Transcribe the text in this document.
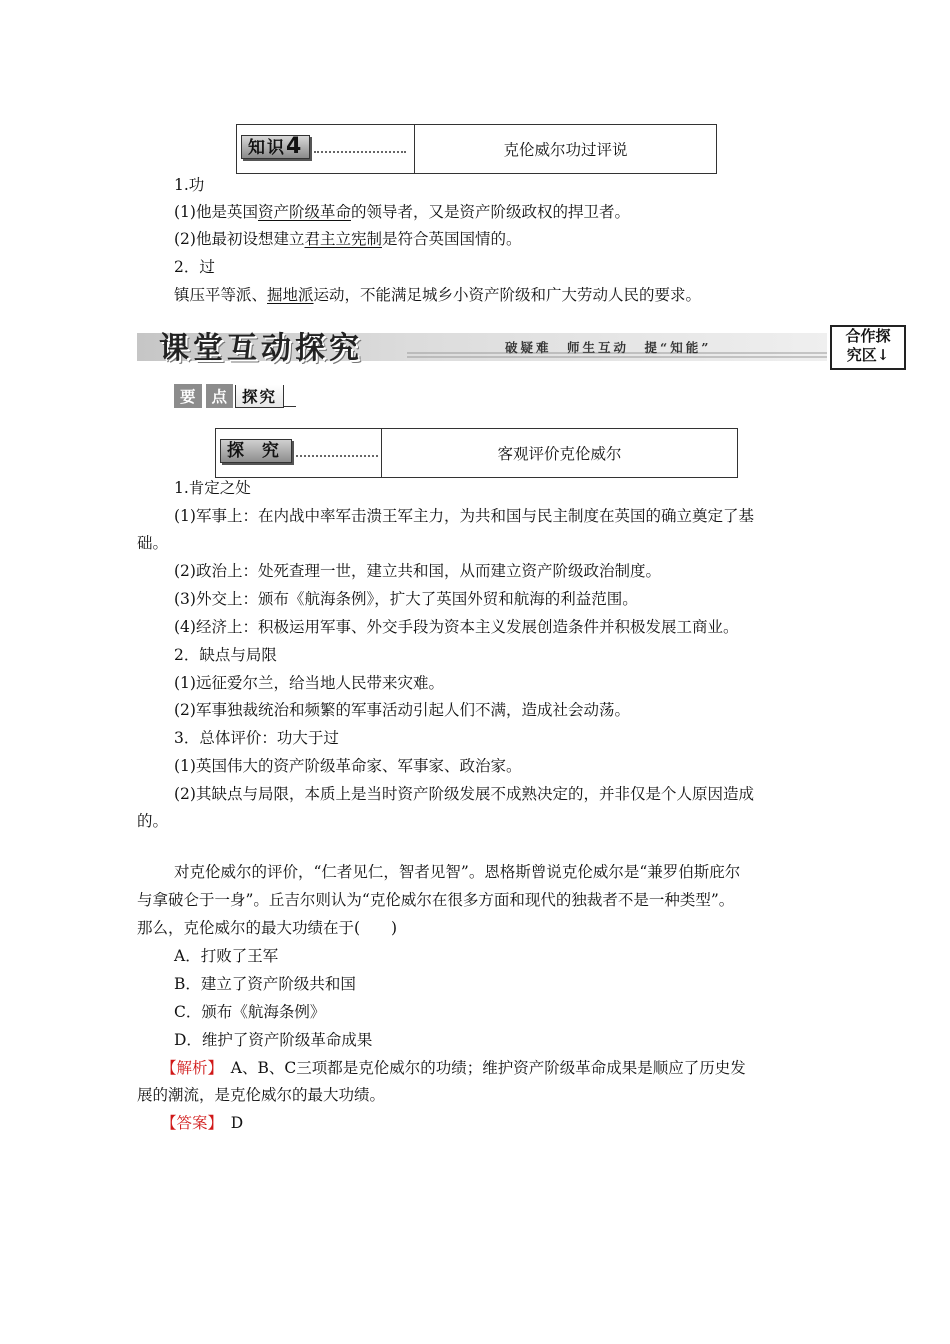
知识4	克伦威尔功过评说
1.功
(1)他是英国资产阶级革命的领导者，又是资产阶级政权的捍卫者。
(2)他最初设想建立君主立宪制是符合英国国情的。
2．过
镇压平等派、掘地派运动，不能满足城乡小资产阶级和广大劳动人民的要求。
课堂互动探究	破疑难　师生互动　提“知能”
合作探
究区↓
要	点 探究
探 究	客观评价克伦威尔
1.肯定之处
(1)军事上：在内战中率军击溃王军主力，为共和国与民主制度在英国的确立奠定了基
础。
(2)政治上：处死查理一世，建立共和国，从而建立资产阶级政治制度。
(3)外交上：颁布《航海条例》，扩大了英国外贸和航海的利益范围。
(4)经济上：积极运用军事、外交手段为资本主义发展创造条件并积极发展工商业。
2．缺点与局限
(1)远征爱尔兰，给当地人民带来灾难。
(2)军事独裁统治和频繁的军事活动引起人们不满，造成社会动荡。
3．总体评价：功大于过
(1)英国伟大的资产阶级革命家、军事家、政治家。
(2)其缺点与局限，本质上是当时资产阶级发展不成熟决定的，并非仅是个人原因造成
的。
对克伦威尔的评价，“仁者见仁，智者见智”。恩格斯曾说克伦威尔是“兼罗伯斯庇尔
与拿破仑于一身”。丘吉尔则认为“克伦威尔在很多方面和现代的独裁者不是一种类型”。
那么，克伦威尔的最大功绩在于(　　)
A．打败了王军
B．建立了资产阶级共和国
C．颁布《航海条例》
D．维护了资产阶级革命成果
【解析】　A、B、C三项都是克伦威尔的功绩；维护资产阶级革命成果是顺应了历史发
展的潮流，是克伦威尔的最大功绩。
【答案】　D
